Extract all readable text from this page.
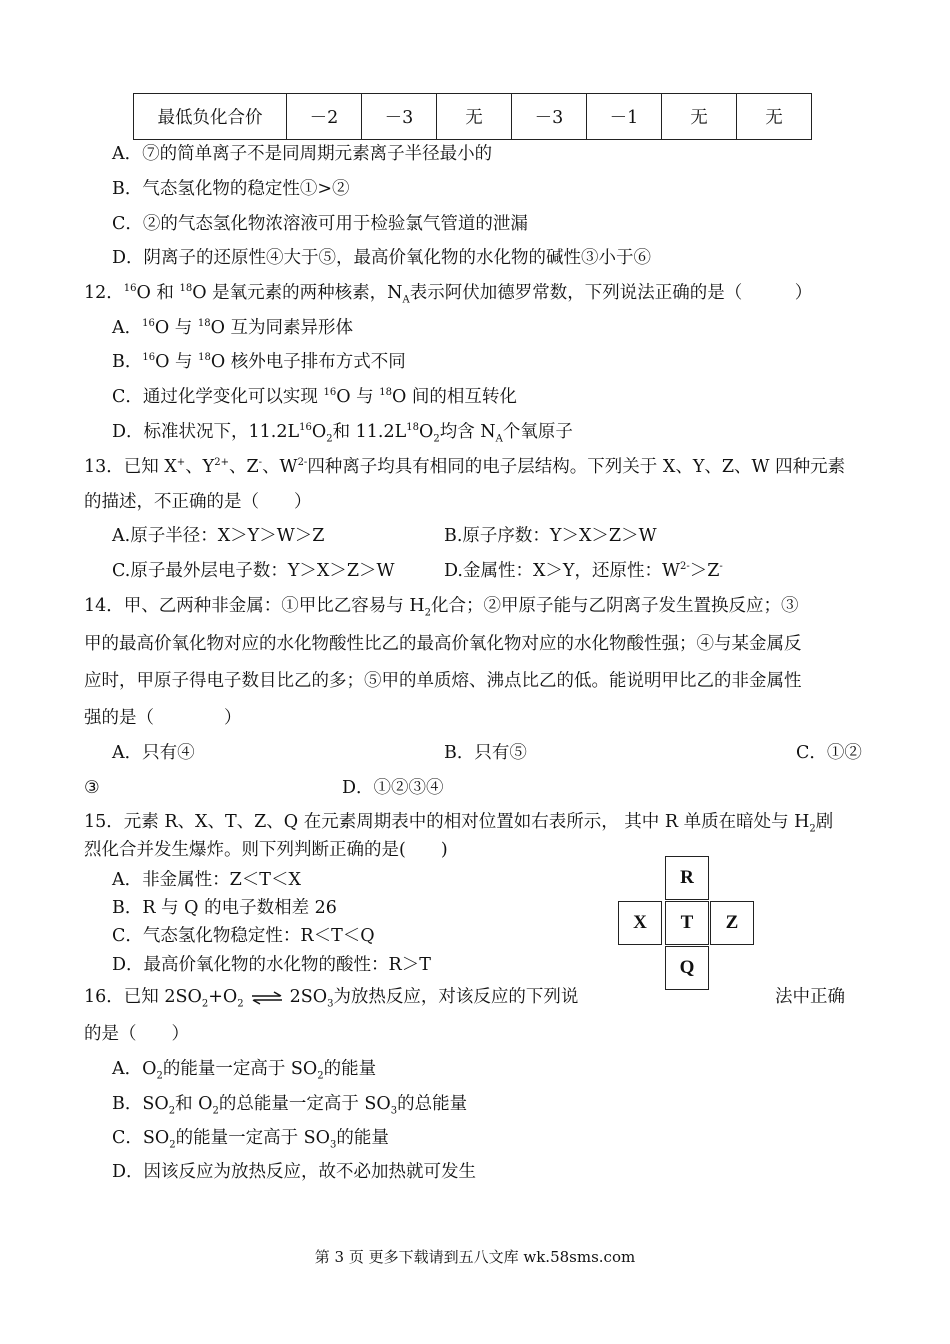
最低负化合价	－2	－3	无	－3	－1	无	无
A．⑦的简单离子不是同周期元素离子半径最小的
B．气态氢化物的稳定性①>②
C．②的气态氢化物浓溶液可用于检验氯气管道的泄漏
D．阴离子的还原性④大于⑤，最高价氧化物的水化物的碱性③小于⑥
12．$^{16}$O 和 $^{18}$O 是氧元素的两种核素，$N_A$表示阿伏加德罗常数，下列说法正确的是（　　　）
A．$^{16}$O 与 $^{18}$O 互为同素异形体
B．$^{16}$O 与 $^{18}$O 核外电子排布方式不同
C．通过化学变化可以实现 $^{16}$O 与 $^{18}$O 间的相互转化
D．标准状况下，$11.2L^{16}O_2$和 $11.2L^{18}O_2$均含 $N_A$个氧原子
13．已知 X+、$Y^{2+}$、Z-、$W^{2-}$四种离子均具有相同的电子层结构。下列关于 X、Y、Z、W 四种元素
的描述，不正确的是（　　）
A.原子半径：X＞Y＞W＞Z	B.原子序数：Y＞X＞Z＞W
C.原子最外层电子数：Y＞X＞Z＞W	D.金属性：X＞Y，还原性：$W^{2-}>Z^-$
14．甲、乙两种非金属：①甲比乙容易与 $H_2$化合；②甲原子能与乙阴离子发生置换反应；③
甲的最高价氧化物对应的水化物酸性比乙的最高价氧化物对应的水化物酸性强；④与某金属反
应时，甲原子得电子数目比乙的多；⑤甲的单质熔、沸点比乙的低。能说明甲比乙的非金属性
强的是（　　　　）
A．只有④	B．只有⑤	C．①②
③	D．①②③④
15．元素 R、X、T、Z、Q 在元素周期表中的相对位置如右表所示， 其中 R 单质在暗处与 $H_2$剧
烈化合并发生爆炸。则下列判断正确的是(　　)
A．非金属性：Z＜T＜X
B．R 与 Q 的电子数相差 26
C．气态氢化物稳定性：R＜T＜Q
D．最高价氧化物的水化物的酸性：R＞T
R
X	T	Z
Q
16．已知 $2SO_2+O_2$ ⇌ $2SO_3$为放热反应，对该反应的下列说	法中正确
的是（　　）
A．$O_2$的能量一定高于 $SO_2$的能量
B．$SO_2$和 $O_2$的总能量一定高于 $SO_3$的总能量
C．$SO_2$的能量一定高于 $SO_3$的能量
D．因该反应为放热反应，故不必加热就可发生
第 3 页 更多下载请到五八文库 wk.58sms.com
